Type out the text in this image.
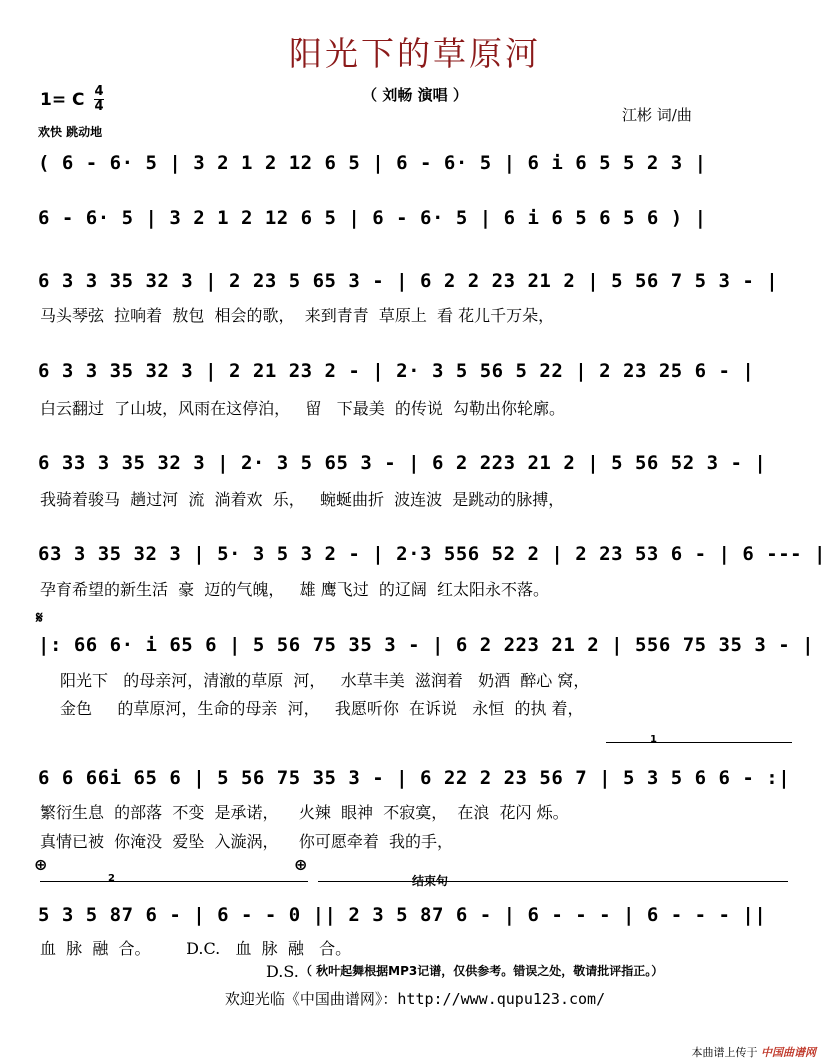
阳光下的草原河
（ 刘畅 演唱 ）
1= C 4
4
欢快 跳动地
江彬 词/曲
( 6 - 6· 5 | 3 2 1 2 12 6 5 | 6 - 6· 5 | 6 i 6 5 5 2 3 |
6 - 6· 5 | 3 2 1 2 12 6 5 | 6 - 6· 5 | 6 i 6 5 6 5 6 ) |
6 3 3 35 32 3 | 2 23 5 65 3 - | 6 2 2 23 21 2 | 5 56 7 5 3 - |
马头琴弦  拉响着  敖包  相会的歌，  来到青青  草原上  看 花儿千万朵，
6 3 3 35 32 3 | 2 21 23 2 - | 2· 3 5 56 5 22 | 2 23 25 6 - |
白云翻过  了山坡，风雨在这停泊，   留   下最美  的传说  勾勒出你轮廓。
6 33 3 35 32 3 | 2· 3 5 65 3 - | 6 2 223 21 2 | 5 56 52 3 - |
我骑着骏马  趟过河  流  淌着欢  乐，   蜿蜒曲折  波连波  是跳动的脉搏，
63 3 35 32 3 | 5· 3 5 3 2 - | 2·3 556 52 2 | 2 23 53 6 - | 6 --- |
孕育希望的新生活  豪  迈的气魄，   雄 鹰飞过  的辽阔  红太阳永不落。
𝄋
|: 66 6· i 65 6 | 5 56 75 35 3 - | 6 2 223 21 2 | 556 75 35 3 - |
阳光下   的母亲河，清澈的草原  河，   水草丰美  滋润着   奶酒  醉心 窝，
金色     的草原河，生命的母亲  河，   我愿听你  在诉说   永恒  的执 着，
1
6 6 66i 65 6 | 5 56 75 35 3 - | 6 22 2 23 56 7 | 5 3 5 6 6 - :|
繁衍生息  的部落  不变  是承诺，    火辣  眼神  不寂寞，  在浪  花闪 烁。
真情已被  你淹没  爱坠  入漩涡，    你可愿牵着  我的手，
⊕	⊕
2	结束句
5 3 5 87 6 - | 6 - - 0 || 2 3 5 87 6 - | 6 - - - | 6 - - - ||
血  脉  融  合。       D.C.   血  脉  融   合。
D.S. （ 秋叶起舞根据MP3记谱，仅供参考。错误之处，敬请批评指正。）
欢迎光临《中国曲谱网》：http://www.qupu123.com/
本曲谱上传于 中国曲谱网
